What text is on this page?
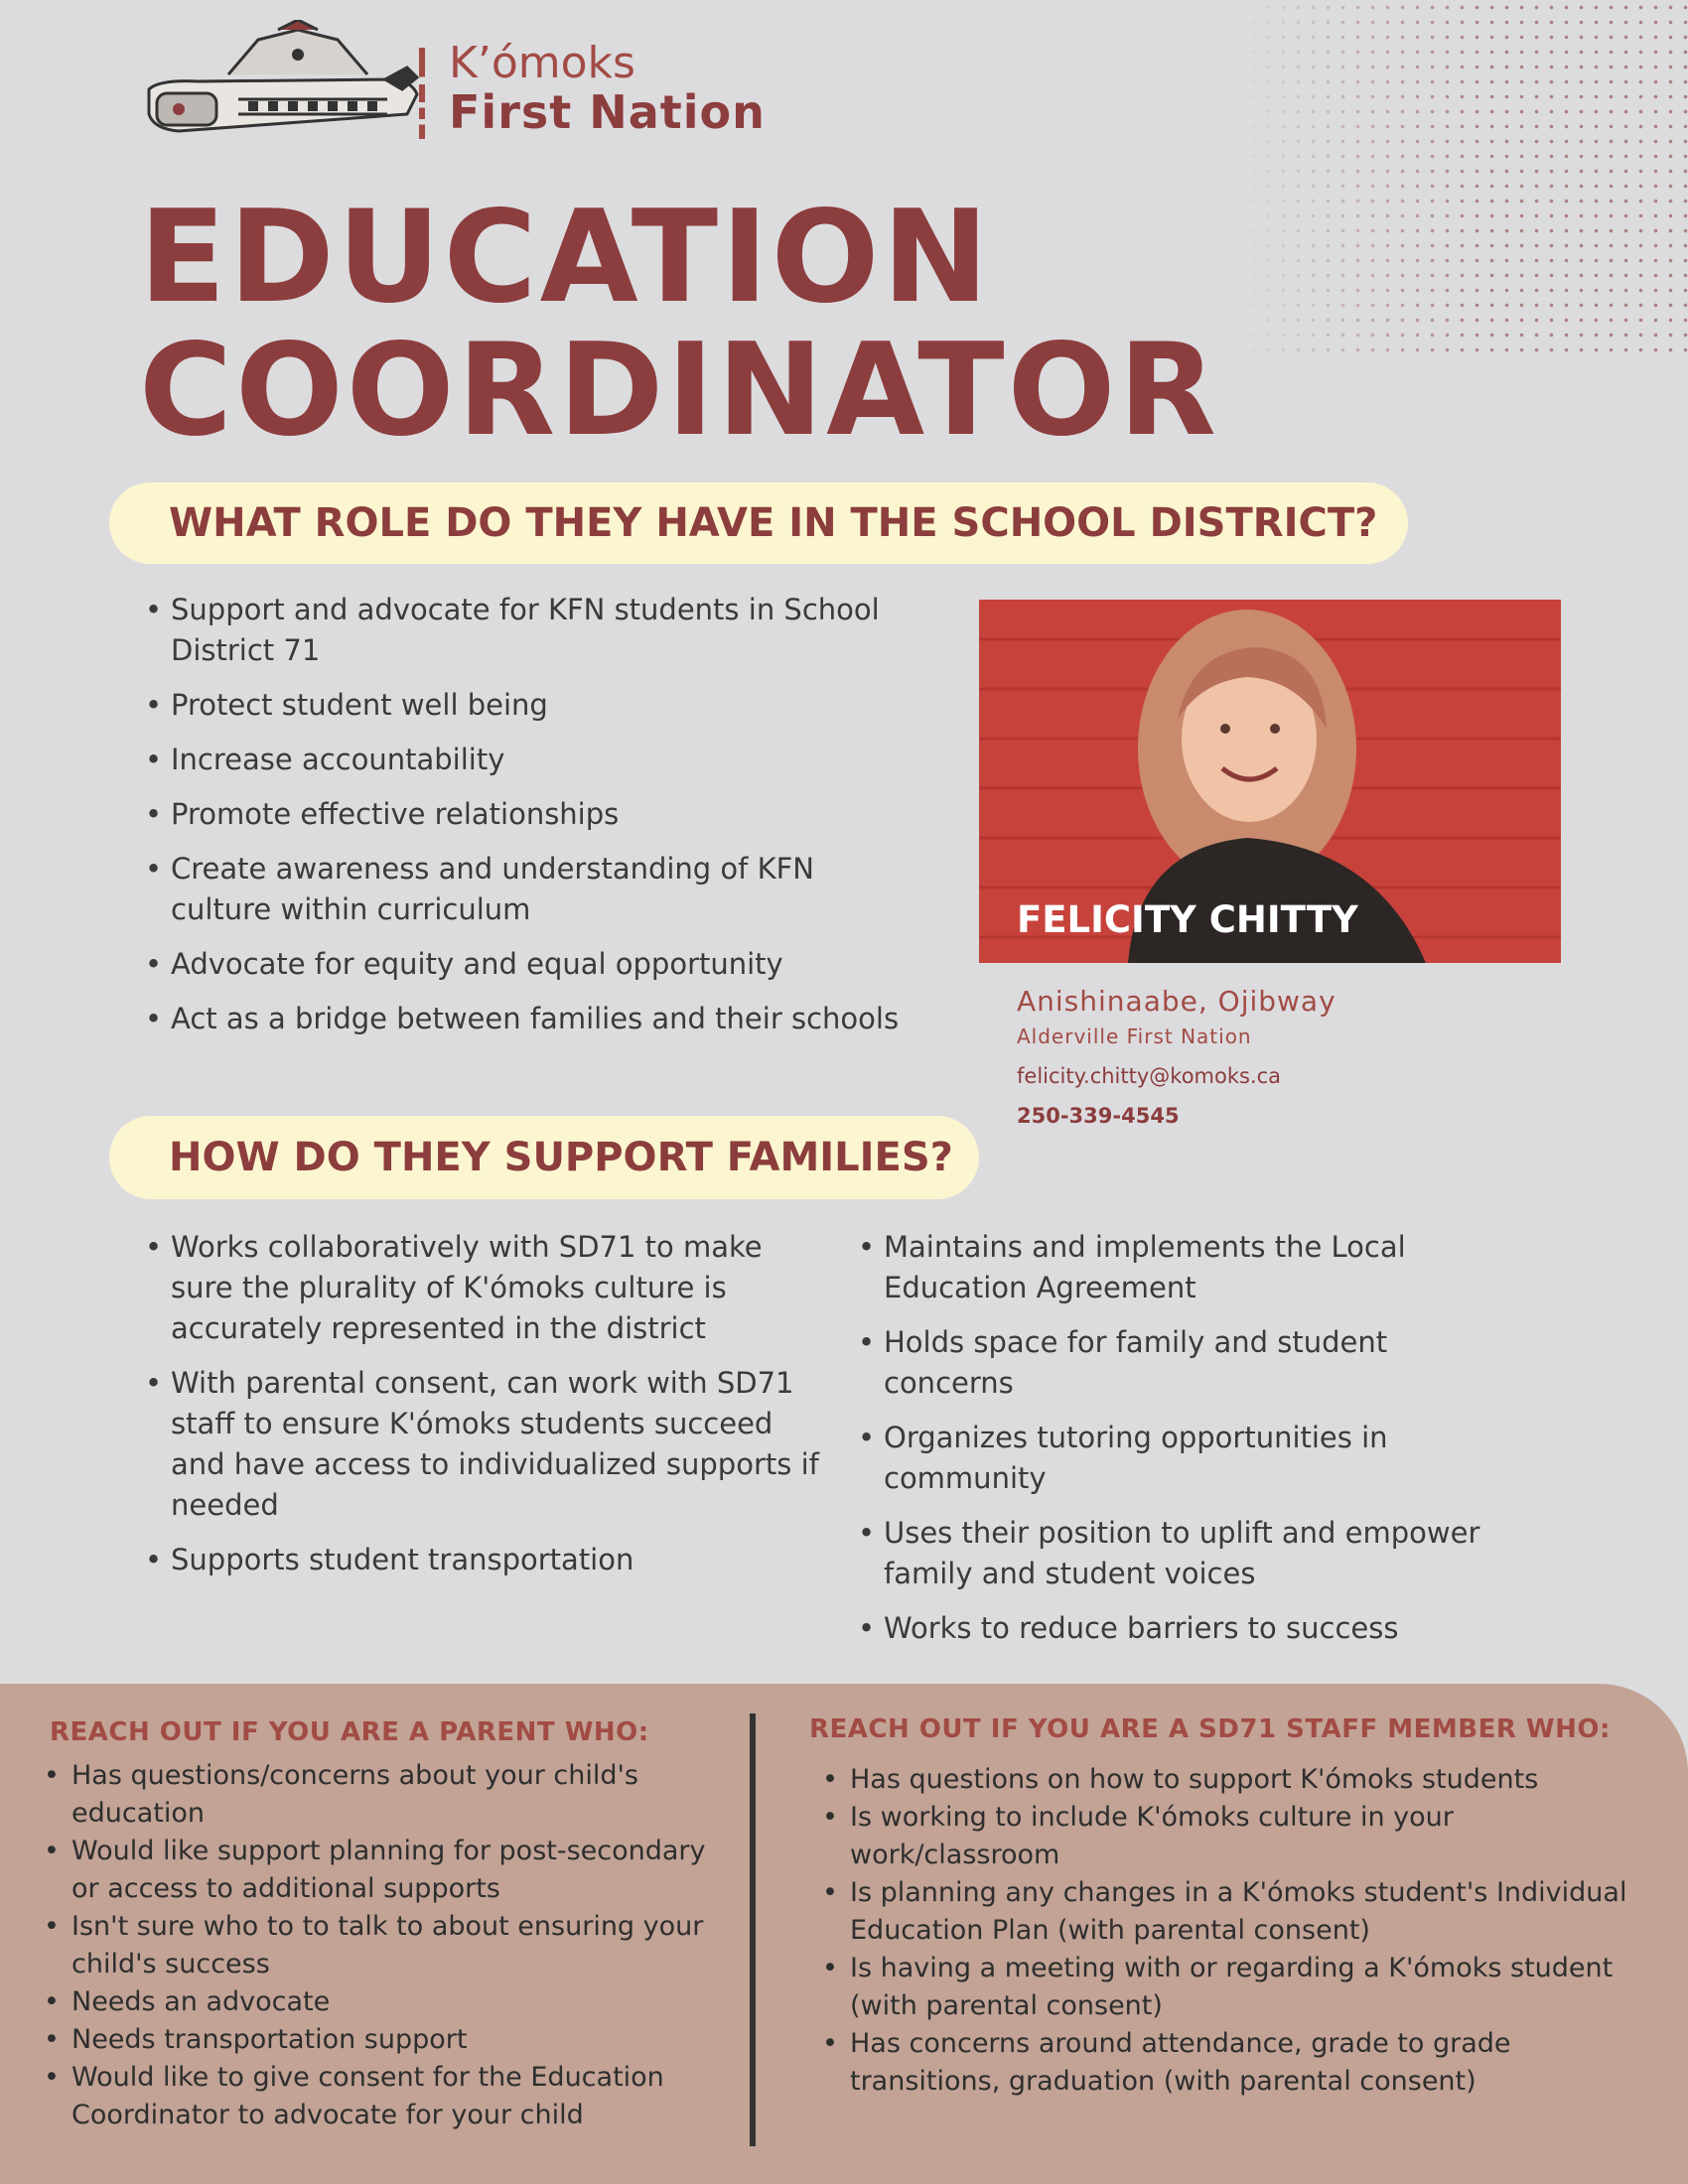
K’ómoks
First Nation
EDUCATION
COORDINATOR
WHAT ROLE DO THEY HAVE IN THE SCHOOL DISTRICT?
• Support and advocate for KFN students in School District 71
• Protect student well being
• Increase accountability
• Promote effective relationships
• Create awareness and understanding of KFN culture within curriculum
• Advocate for equity and equal opportunity
• Act as a bridge between families and their schools
FELICITY CHITTY
Anishinaabe, Ojibway
Alderville First Nation
felicity.chitty@komoks.ca
250-339-4545
HOW DO THEY SUPPORT FAMILIES?
• Works collaboratively with SD71 to make sure the plurality of K'ómoks culture is accurately represented in the district
• With parental consent, can work with SD71 staff to ensure K'ómoks students succeed and have access to individualized supports if needed
• Supports student transportation
• Maintains and implements the Local Education Agreement
• Holds space for family and student concerns
• Organizes tutoring opportunities in community
• Uses their position to uplift and empower family and student voices
• Works to reduce barriers to success
REACH OUT IF YOU ARE A PARENT WHO:
• Has questions/concerns about your child's education
• Would like support planning for post-secondary or access to additional supports
• Isn't sure who to to talk to about ensuring your child's success
• Needs an advocate
• Needs transportation support
• Would like to give consent for the Education Coordinator to advocate for your child
REACH OUT IF YOU ARE A SD71 STAFF MEMBER WHO:
• Has questions on how to support K'ómoks students
• Is working to include K'ómoks culture in your work/classroom
• Is planning any changes in a K'ómoks student's Individual Education Plan (with parental consent)
• Is having a meeting with or regarding a K'ómoks student (with parental consent)
• Has concerns around attendance, grade to grade transitions, graduation (with parental consent)
